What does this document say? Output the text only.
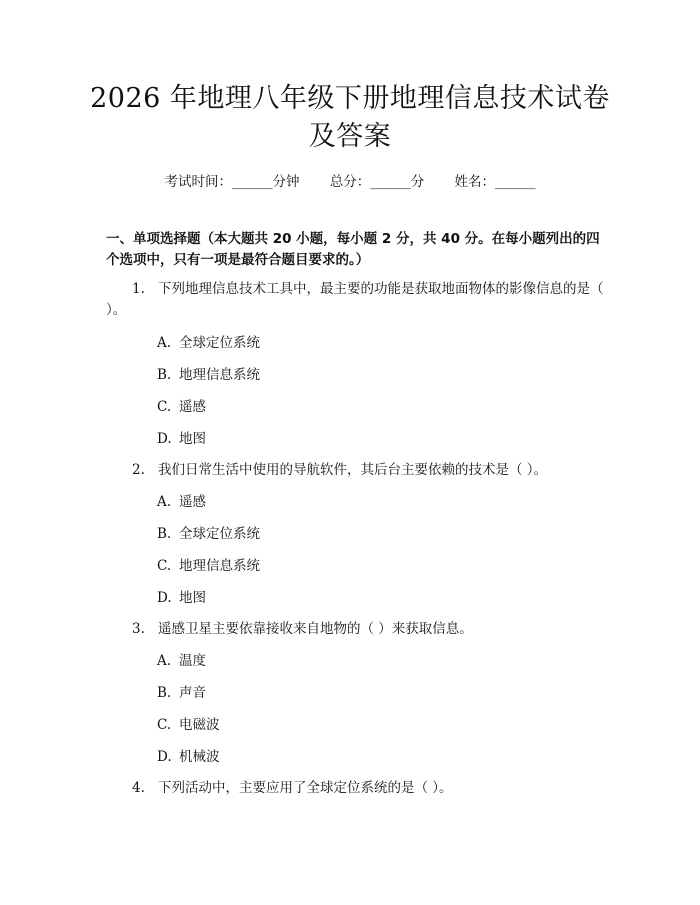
2026 年地理八年级下册地理信息技术试卷及答案
考试时间：______分钟 总分：______分 姓名：______
一、单项选择题（本大题共 20 小题，每小题 2 分，共 40 分。在每小题列出的四个选项中，只有一项是最符合题目要求的。）
1. 下列地理信息技术工具中，最主要的功能是获取地面物体的影像信息的是（ ）。
A. 全球定位系统
B. 地理信息系统
C. 遥感
D. 地图
2. 我们日常生活中使用的导航软件，其后台主要依赖的技术是（ ）。
A. 遥感
B. 全球定位系统
C. 地理信息系统
D. 地图
3. 遥感卫星主要依靠接收来自地物的（ ）来获取信息。
A. 温度
B. 声音
C. 电磁波
D. 机械波
4. 下列活动中，主要应用了全球定位系统的是（ ）。
